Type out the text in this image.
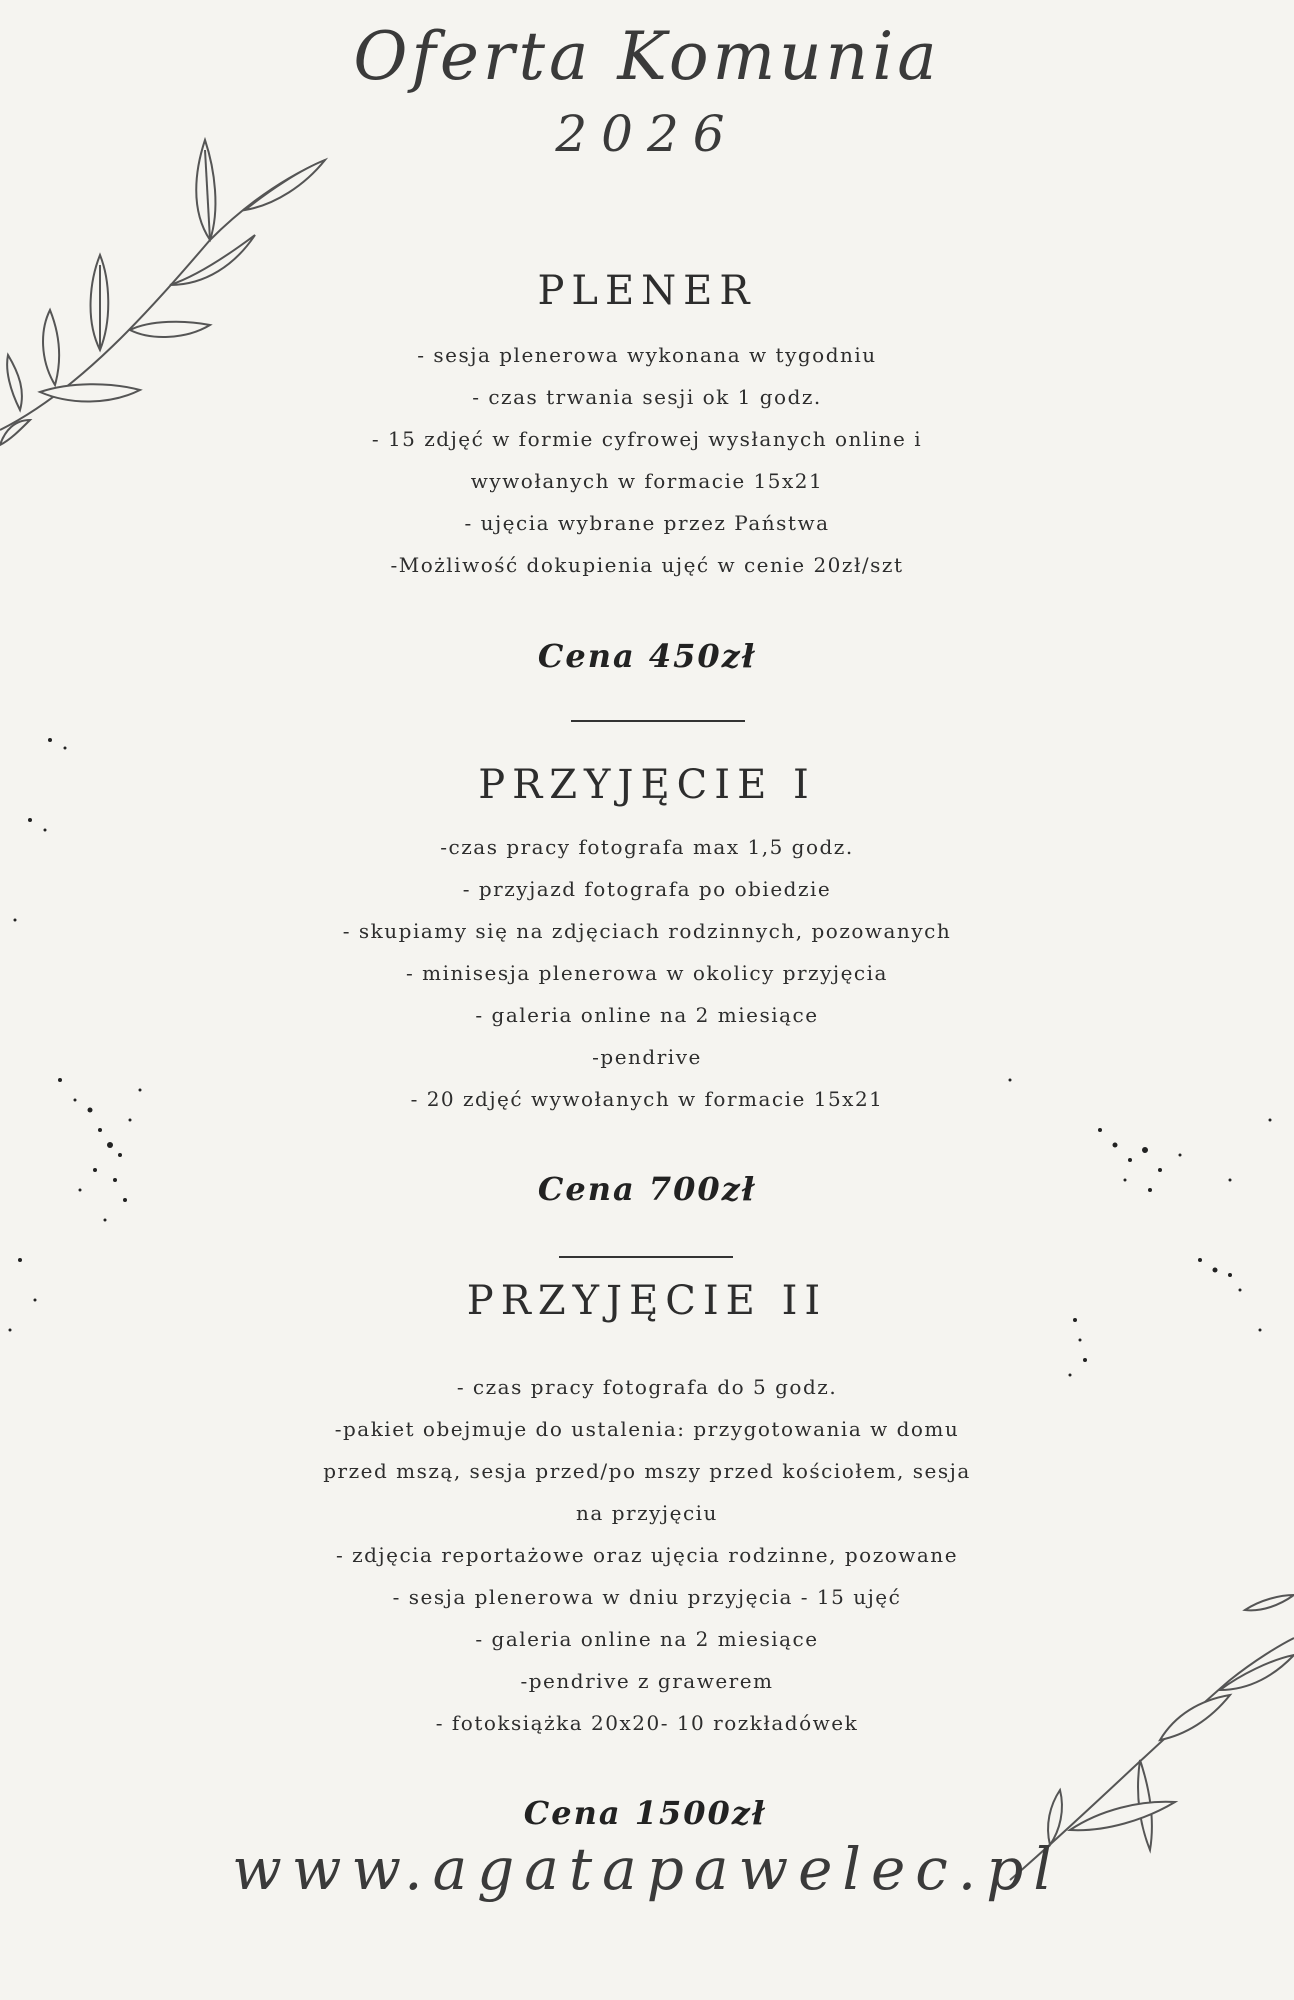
Oferta Komunia
2026
PLENER
- sesja plenerowa wykonana w tygodniu
- czas trwania sesji ok 1 godz.
- 15 zdjęć w formie cyfrowej wysłanych online i
wywołanych w formacie 15x21
- ujęcia wybrane przez Państwa
-Możliwość dokupienia ujęć w cenie 20zł/szt
Cena 450zł
PRZYJĘCIE I
-czas pracy fotografa max 1,5 godz.
- przyjazd fotografa po obiedzie
- skupiamy się na zdjęciach rodzinnych, pozowanych
- minisesja plenerowa w okolicy przyjęcia
- galeria online na 2 miesiące
-pendrive
- 20 zdjęć wywołanych w formacie 15x21
Cena 700zł
PRZYJĘCIE II
- czas pracy fotografa do 5 godz.
-pakiet obejmuje do ustalenia: przygotowania w domu
przed mszą, sesja przed/po mszy przed kościołem, sesja
na przyjęciu
- zdjęcia reportażowe oraz ujęcia rodzinne, pozowane
- sesja plenerowa w dniu przyjęcia - 15 ujęć
- galeria online na 2 miesiące
-pendrive z grawerem
- fotoksiążka 20x20- 10 rozkładówek
Cena 1500zł
www.agatapawelec.pl
